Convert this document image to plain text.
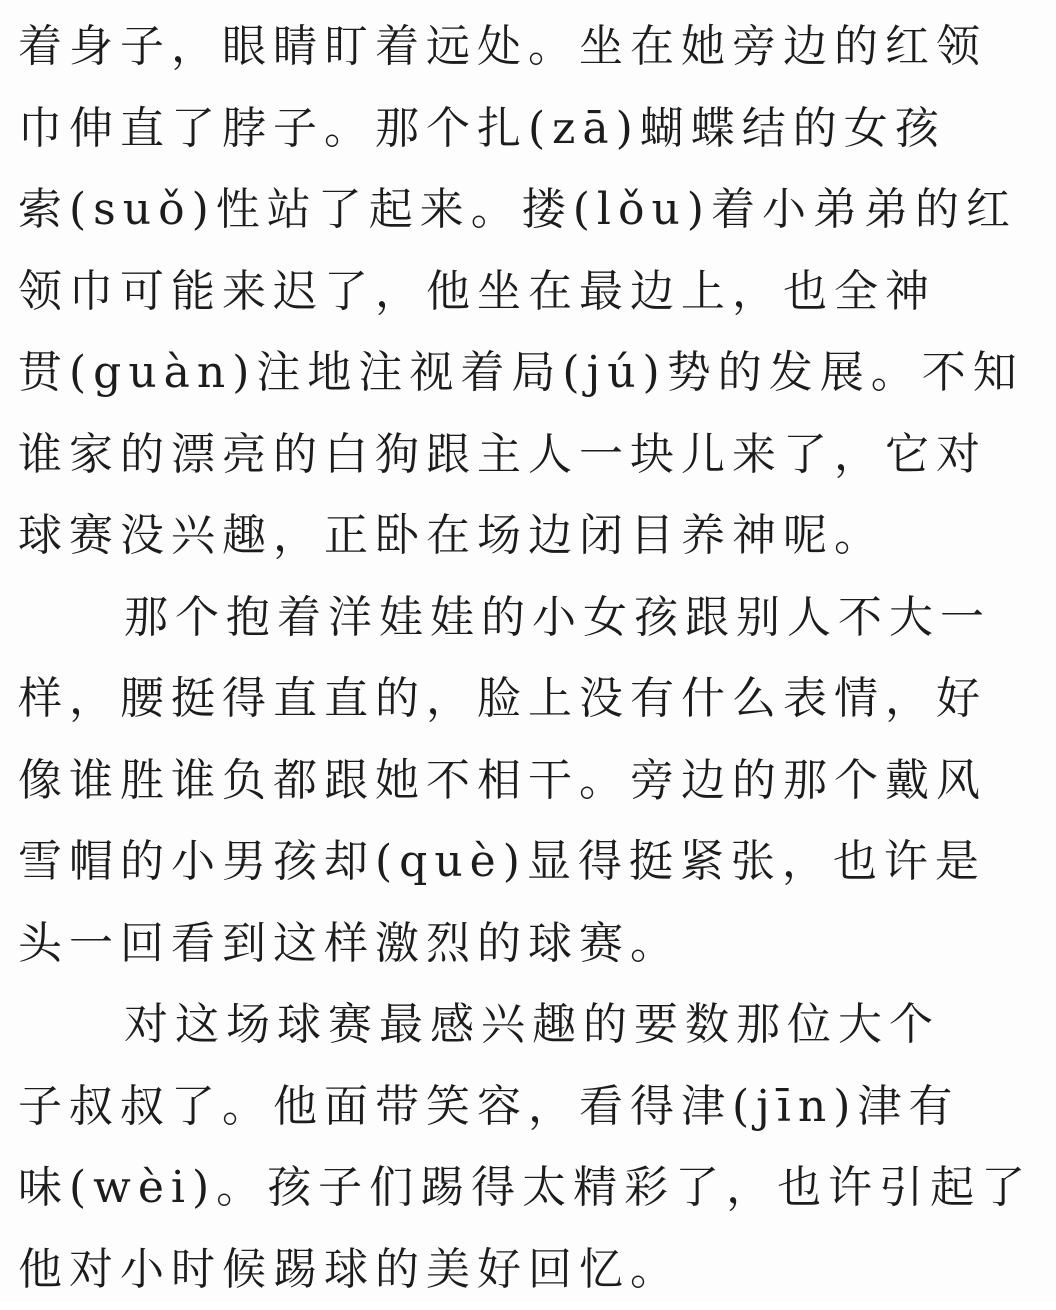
着身子，眼睛盯着远处。坐在她旁边的红领
巾伸直了脖子。那个扎(zā)蝴蝶结的女孩
索(suǒ)性站了起来。搂(lǒu)着小弟弟的红
领巾可能来迟了，他坐在最边上，也全神
贯(guàn)注地注视着局(jú)势的发展。不知
谁家的漂亮的白狗跟主人一块儿来了，它对
球赛没兴趣，正卧在场边闭目养神呢。
那个抱着洋娃娃的小女孩跟别人不大一
样，腰挺得直直的，脸上没有什么表情，好
像谁胜谁负都跟她不相干。旁边的那个戴风
雪帽的小男孩却(què)显得挺紧张，也许是
头一回看到这样激烈的球赛。
对这场球赛最感兴趣的要数那位大个
子叔叔了。他面带笑容，看得津(jīn)津有
味(wèi)。孩子们踢得太精彩了，也许引起了
他对小时候踢球的美好回忆。
